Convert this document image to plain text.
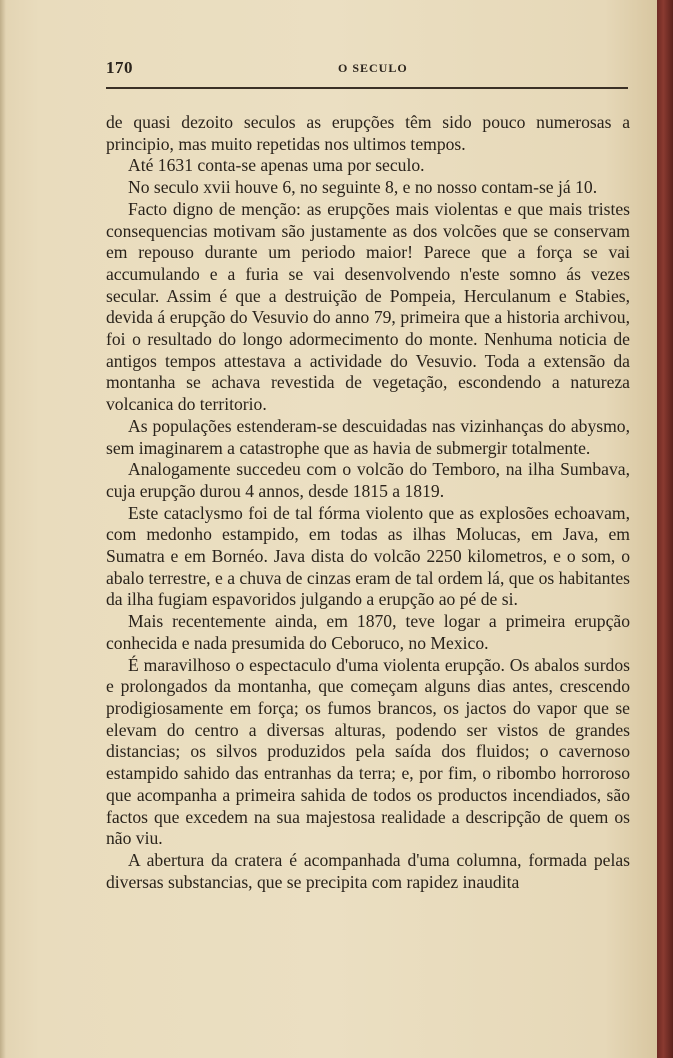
170	O SECULO

de quasi dezoito seculos as erupções têm sido pouco numerosas a principio, mas muito repetidas nos ultimos tempos.

Até 1631 conta-se apenas uma por seculo.

No seculo xvii houve 6, no seguinte 8, e no nosso contam-se já 10.

Facto digno de menção: as erupções mais violentas e que mais tristes consequencias motivam são justamente as dos volcões que se conservam em repouso durante um periodo maior! Parece que a força se vai accumulando e a furia se vai desenvolvendo n'este somno ás vezes secular. Assim é que a destruição de Pompeia, Herculanum e Stabies, devida á erupção do Vesuvio do anno 79, primeira que a historia archivou, foi o resultado do longo adormecimento do monte. Nenhuma noticia de antigos tempos attestava a actividade do Vesuvio. Toda a extensão da montanha se achava revestida de vegetação, escondendo a natureza volcanica do territorio.

As populações estenderam-se descuidadas nas vizinhanças do abysmo, sem imaginarem a catastrophe que as havia de submergir totalmente.

Analogamente succedeu com o volcão do Temboro, na ilha Sumbava, cuja erupção durou 4 annos, desde 1815 a 1819.

Este cataclysmo foi de tal fórma violento que as explosões echoavam, com medonho estampido, em todas as ilhas Molucas, em Java, em Sumatra e em Bornéo. Java dista do volcão 2250 kilometros, e o som, o abalo terrestre, e a chuva de cinzas eram de tal ordem lá, que os habitantes da ilha fugiam espavoridos julgando a erupção ao pé de si.

Mais recentemente ainda, em 1870, teve logar a primeira erupção conhecida e nada presumida do Ceboruco, no Mexico.

É maravilhoso o espectaculo d'uma violenta erupção. Os abalos surdos e prolongados da montanha, que começam alguns dias antes, crescendo prodigiosamente em força; os fumos brancos, os jactos do vapor que se elevam do centro a diversas alturas, podendo ser vistos de grandes distancias; os silvos produzidos pela saída dos fluidos; o cavernoso estampido sahido das entranhas da terra; e, por fim, o ribombo horroroso que acompanha a primeira sahida de todos os productos incendiados, são factos que excedem na sua majestosa realidade a descripção de quem os não viu.

A abertura da cratera é acompanhada d'uma columna, formada pelas diversas substancias, que se precipita com rapidez inaudita
